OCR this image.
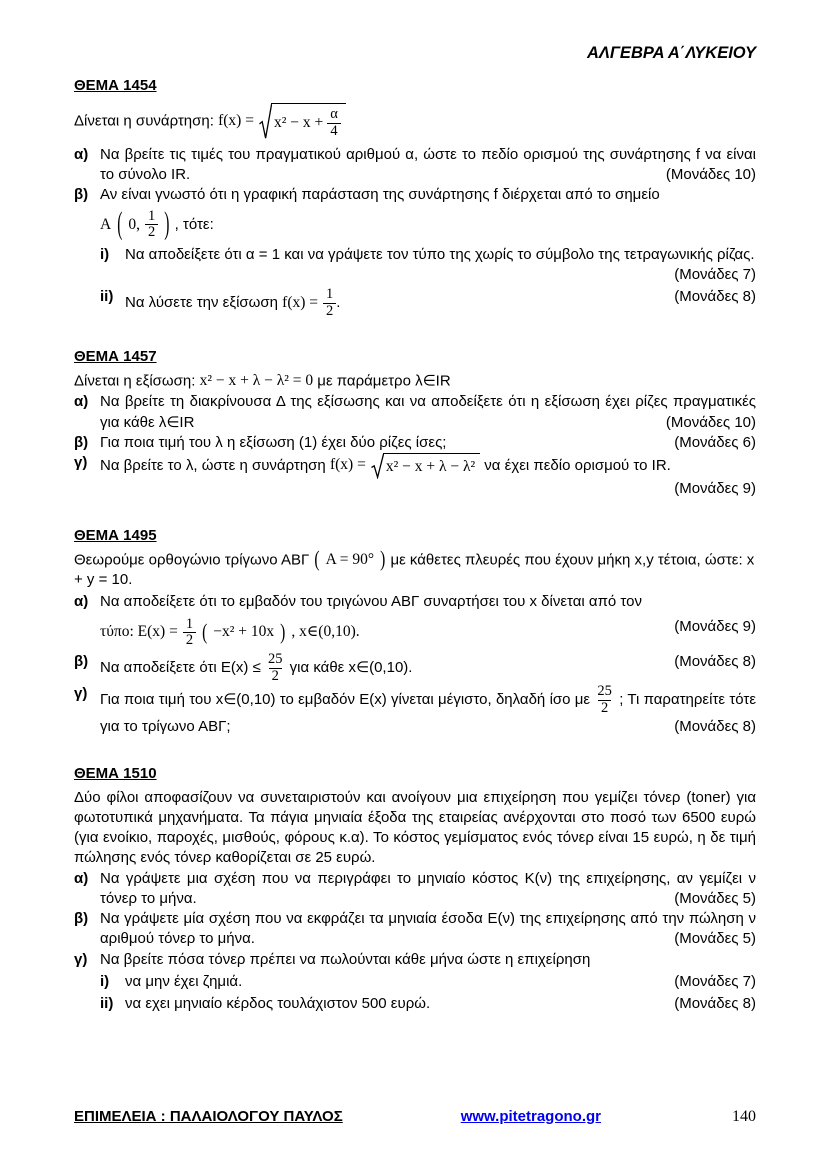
ΑΛΓΕΒΡΑ Α΄ΛΥΚΕΙΟΥ
ΘΕΜΑ 1454

Δίνεται η συνάρτηση: $f(x) = x^2 - x + \frac{\alpha}{4}$

α) Να βρείτε τις τιμές του πραγματικού αριθμού α, ώστε το πεδίο ορισμού της συνάρτησης f να είναι το σύνολο IR.	(Μονάδες 10)
β) Αν είναι γνωστό ότι η γραφική παράσταση της συνάρτησης f διέρχεται από το σημείο
A ( 0, $\frac{1}{2}$ ) , τότε:
i)	Να αποδείξετε ότι α = 1 και να γράψετε τον τύπο της χωρίς το σύμβολο της τετραγωνικής ρίζας.
(Μονάδες 7)
ii) Να λύσετε την εξίσωση $f(x) = \frac{1}{2}$ .	(Μονάδες 8)
ΘΕΜΑ 1457

Δίνεται η εξίσωση: x² − x + λ − λ² = 0 με παράμετρο λ∈IR

α) Να βρείτε τη διακρίνουσα Δ της εξίσωσης και να αποδείξετε ότι η εξίσωση έχει ρίζες πραγματικές για κάθε λ∈IR	(Μονάδες 10)
β) Για ποια τιμή του λ η εξίσωση (1) έχει δύο ρίζες ίσες;	(Μονάδες 6)
γ) Να βρείτε το λ, ώστε η συνάρτηση f(x) = x² − x + λ − λ² να έχει πεδίο ορισμού το IR.
(Μονάδες 9)
ΘΕΜΑ 1495

Θεωρούμε ορθογώνιο τρίγωνο ΑΒΓ ( Α = 90° ) με κάθετες πλευρές που έχουν μήκη x,y τέτοια, ώστε: x + y = 10.

α) Να αποδείξετε ότι το εμβαδόν του τριγώνου ΑΒΓ συναρτήσει του x δίνεται από τον
τύπο: $E(x) = \frac{1}{2}$ ( −x² + 10x ) , x∈(0,10).	(Μονάδες 9)
β) Να αποδείξετε ότι $E(x) \le \frac{25}{2}$ για κάθε x∈(0,10).	(Μονάδες 8)
γ) Για ποια τιμή του x∈(0,10) το εμβαδόν E(x) γίνεται μέγιστο, δηλαδή ίσο με $\frac{25}{2}$ ; Τι παρατηρείτε τότε για το τρίγωνο ΑΒΓ;	(Μονάδες 8)
ΘΕΜΑ 1510

Δύο φίλοι αποφασίζουν να συνεταιριστούν και ανοίγουν μια επιχείρηση που γεμίζει τόνερ (toner) για φωτοτυπικά μηχανήματα. Τα πάγια μηνιαία έξοδα της εταιρείας ανέρχονται στο ποσό των 6500 ευρώ (για ενοίκιο, παροχές, μισθούς, φόρους κ.α). Το κόστος γεμίσματος ενός τόνερ είναι 15 ευρώ, η δε τιμή πώλησης ενός τόνερ καθορίζεται σε 25 ευρώ.

α) Να γράψετε μια σχέση που να περιγράφει το μηνιαίο κόστος Κ(ν) της επιχείρησης, αν γεμίζει ν τόνερ το μήνα.	(Μονάδες 5)
β) Να γράψετε μία σχέση που να εκφράζει τα μηνιαία έσοδα Ε(ν) της επιχείρησης από την πώληση ν αριθμού τόνερ το μήνα.	(Μονάδες 5)
γ) Να βρείτε πόσα τόνερ πρέπει να πωλούνται κάθε μήνα ώστε η επιχείρηση
i)	να μην έχει ζημιά.	(Μονάδες 7)
ii) να εχει μηνιαίο κέρδος τουλάχιστον 500 ευρώ.	(Μονάδες 8)
ΕΠΙΜΕΛΕΙΑ : ΠΑΛΑΙΟΛΟΓΟΥ ΠΑΥΛΟΣ	www.pitetragono.gr	140
